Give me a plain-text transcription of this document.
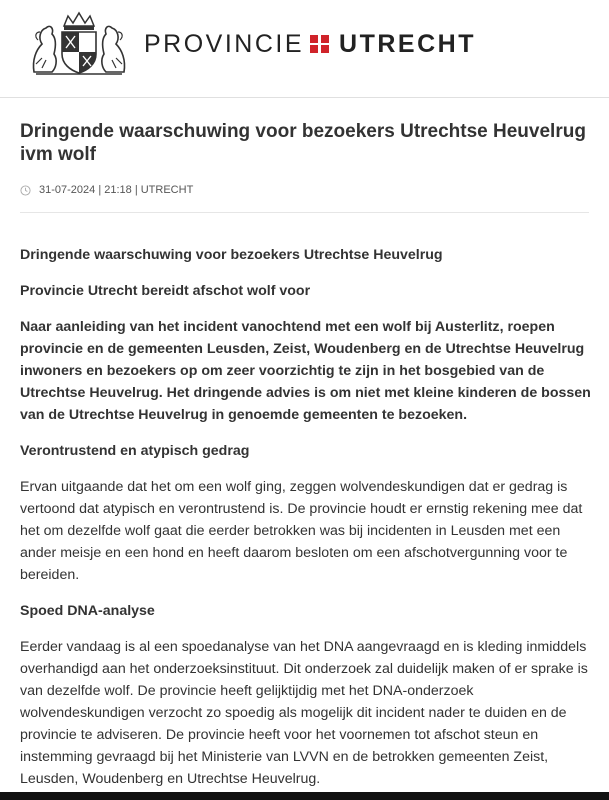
PROVINCIE UTRECHT
Dringende waarschuwing voor bezoekers Utrechtse Heuvelrug ivm wolf
31-07-2024 | 21:18 | UTRECHT

Dringende waarschuwing voor bezoekers Utrechtse Heuvelrug

Provincie Utrecht bereidt afschot wolf voor

Naar aanleiding van het incident vanochtend met een wolf bij Austerlitz, roepen provincie en de gemeenten Leusden, Zeist, Woudenberg en de Utrechtse Heuvelrug inwoners en bezoekers op om zeer voorzichtig te zijn in het bosgebied van de Utrechtse Heuvelrug. Het dringende advies is om niet met kleine kinderen de bossen van de Utrechtse Heuvelrug in genoemde gemeenten te bezoeken.

Verontrustend en atypisch gedrag

Ervan uitgaande dat het om een wolf ging, zeggen wolvendeskundigen dat er gedrag is vertoond dat atypisch en verontrustend is. De provincie houdt er ernstig rekening mee dat het om dezelfde wolf gaat die eerder betrokken was bij incidenten in Leusden met een ander meisje en een hond en heeft daarom besloten om een afschotvergunning voor te bereiden.

Spoed DNA-analyse

Eerder vandaag is al een spoedanalyse van het DNA aangevraagd en is kleding inmiddels overhandigd aan het onderzoeksinstituut. Dit onderzoek zal duidelijk maken of er sprake is van dezelfde wolf. De provincie heeft gelijktijdig met het DNA-onderzoek wolvendeskundigen verzocht zo spoedig als mogelijk dit incident nader te duiden en de provincie te adviseren. De provincie heeft voor het voornemen tot afschot steun en instemming gevraagd bij het Ministerie van LVVN en de betrokken gemeenten Zeist, Leusden, Woudenberg en Utrechtse Heuvelrug.
